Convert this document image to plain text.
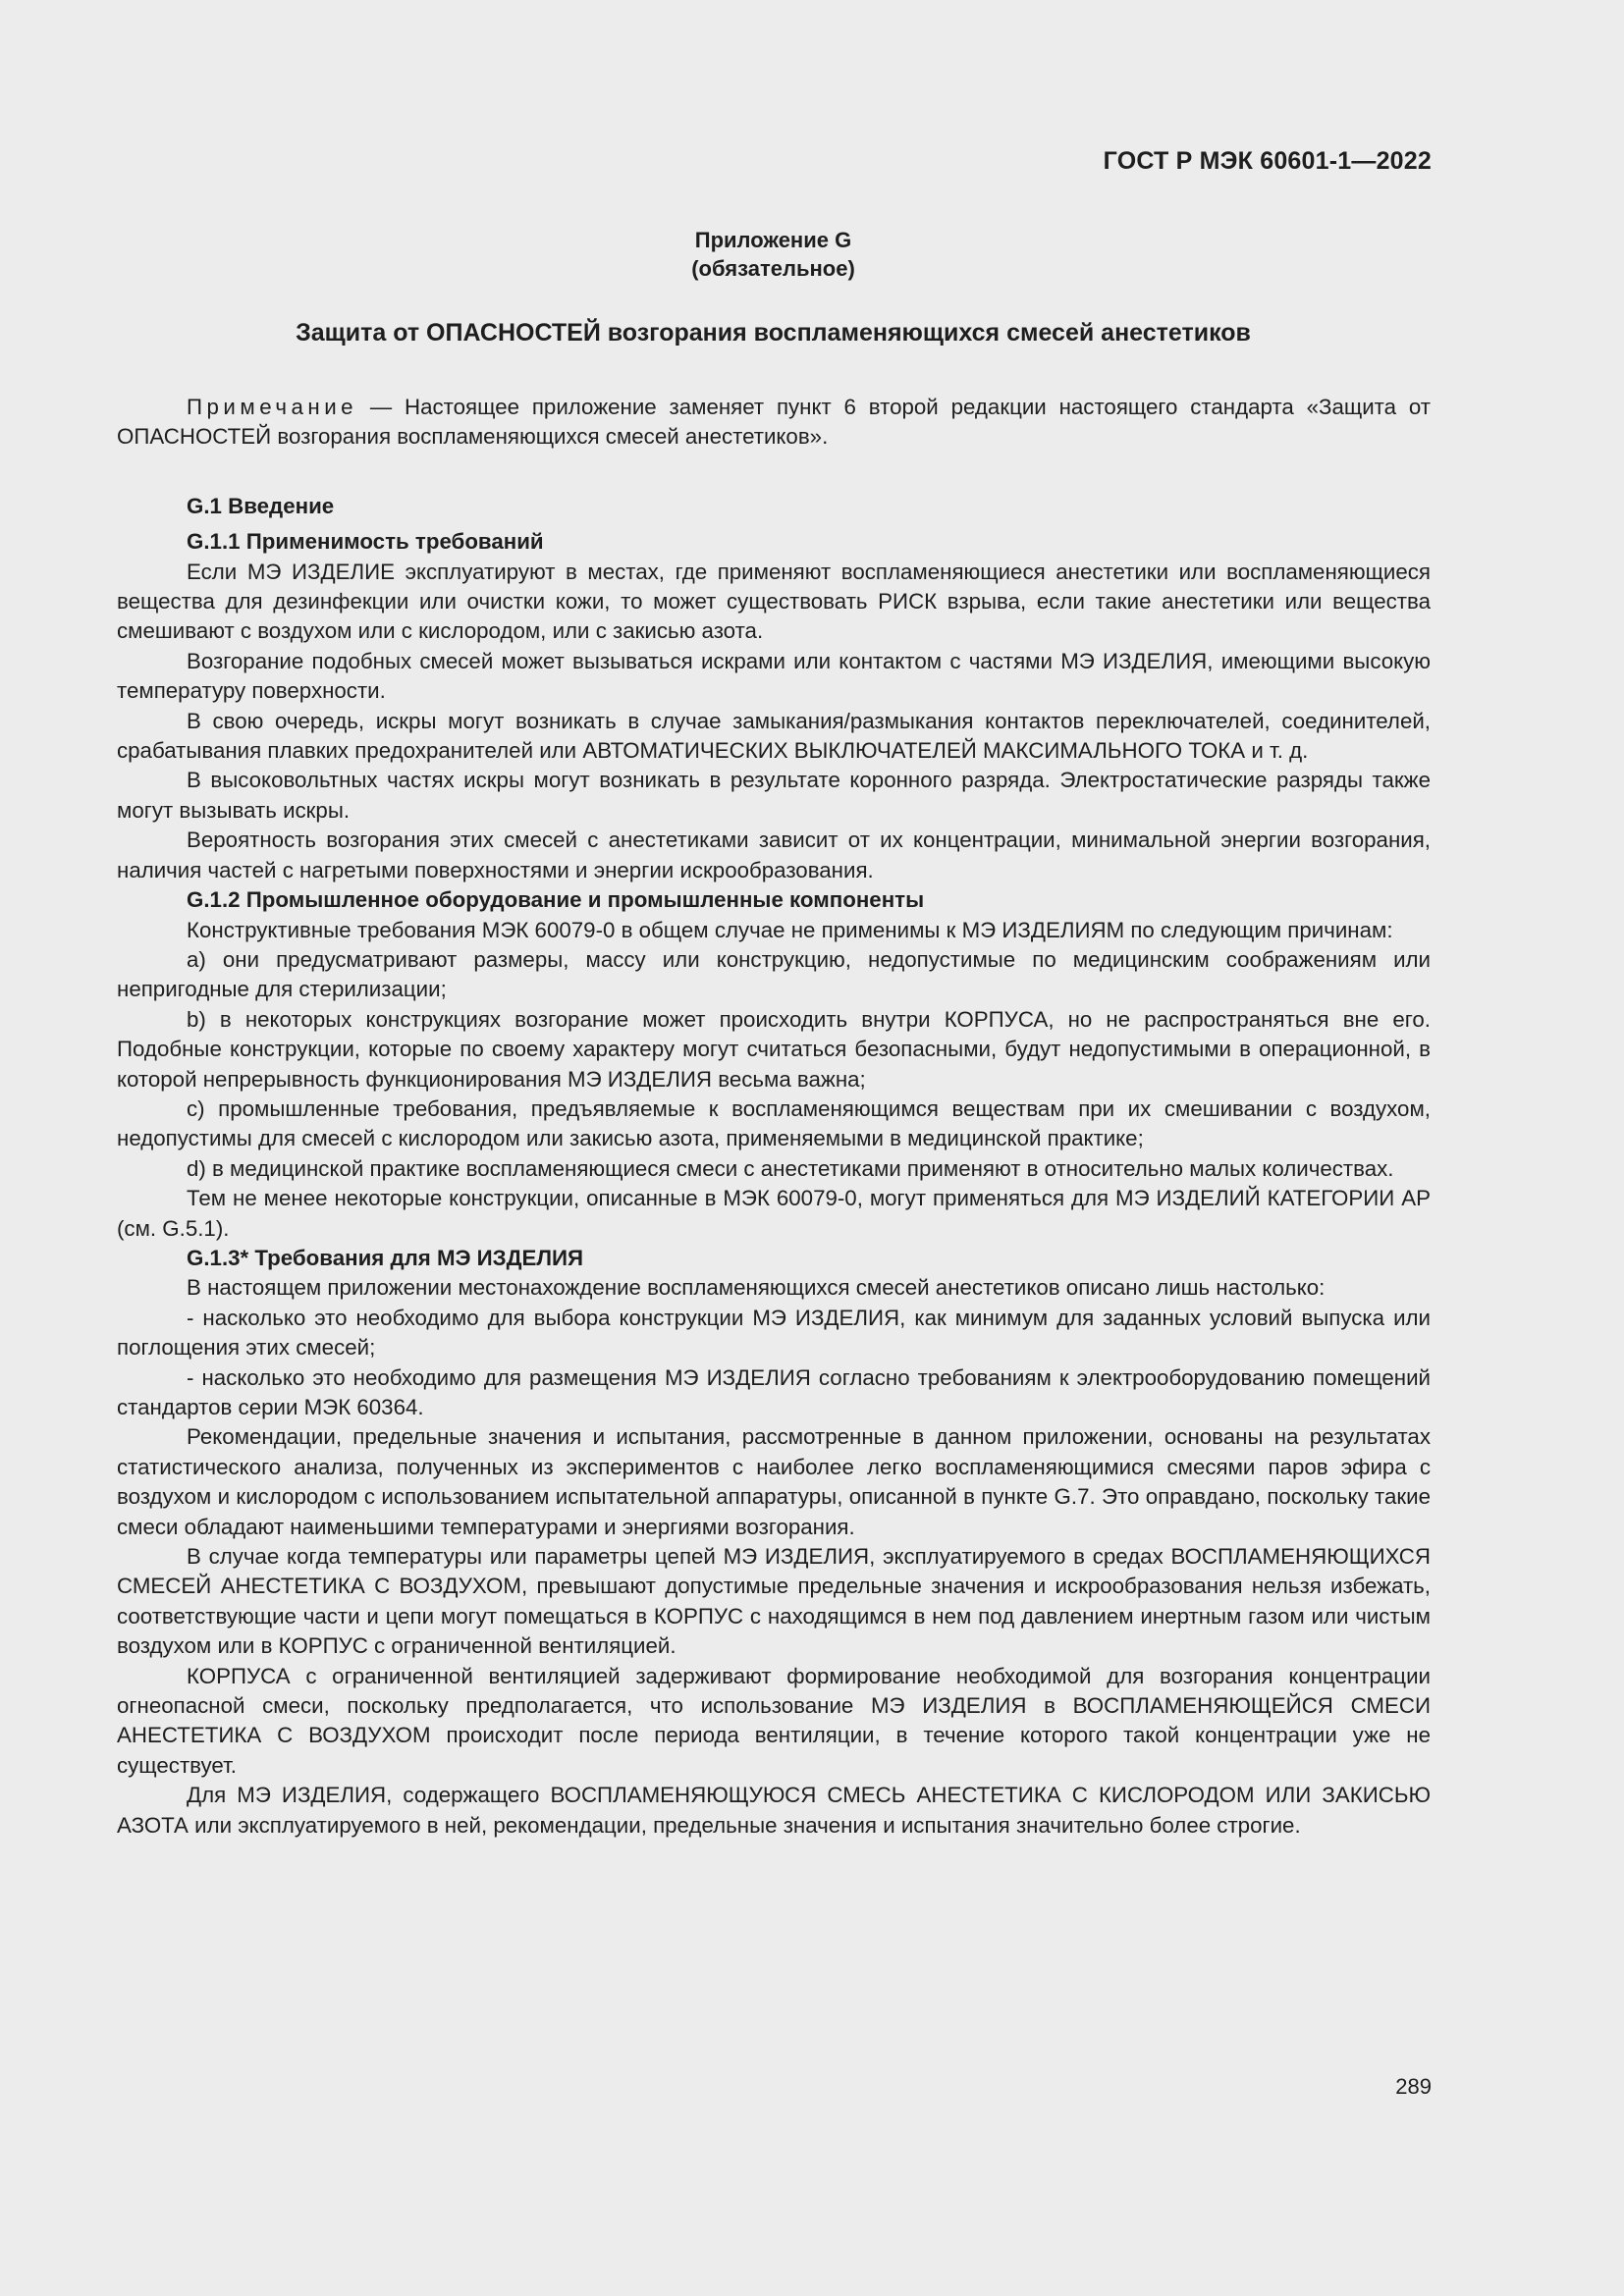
ГОСТ Р МЭК 60601-1—2022
Приложение G
(обязательное)
Защита от ОПАСНОСТЕЙ возгорания воспламеняющихся смесей анестетиков

Примечание — Настоящее приложение заменяет пункт 6 второй редакции настоящего стандарта «Защита от ОПАСНОСТЕЙ возгорания воспламеняющихся смесей анестетиков».

G.1 Введение

G.1.1 Применимость требований

Если МЭ ИЗДЕЛИЕ эксплуатируют в местах, где применяют воспламеняющиеся анестетики или воспламеняющиеся вещества для дезинфекции или очистки кожи, то может существовать РИСК взрыва, если такие анестетики или вещества смешивают с воздухом или с кислородом, или с закисью азота.

Возгорание подобных смесей может вызываться искрами или контактом с частями МЭ ИЗДЕЛИЯ, имеющими высокую температуру поверхности.

В свою очередь, искры могут возникать в случае замыкания/размыкания контактов переключателей, соединителей, срабатывания плавких предохранителей или АВТОМАТИЧЕСКИХ ВЫКЛЮЧАТЕЛЕЙ МАКСИМАЛЬНОГО ТОКА и т. д.

В высоковольтных частях искры могут возникать в результате коронного разряда. Электростатические разряды также могут вызывать искры.

Вероятность возгорания этих смесей с анестетиками зависит от их концентрации, минимальной энергии возгорания, наличия частей с нагретыми поверхностями и энергии искрообразования.

G.1.2 Промышленное оборудование и промышленные компоненты

Конструктивные требования МЭК 60079-0 в общем случае не применимы к МЭ ИЗДЕЛИЯМ по следующим причинам:

a) они предусматривают размеры, массу или конструкцию, недопустимые по медицинским соображениям или непригодные для стерилизации;

b) в некоторых конструкциях возгорание может происходить внутри КОРПУСА, но не распространяться вне его. Подобные конструкции, которые по своему характеру могут считаться безопасными, будут недопустимыми в операционной, в которой непрерывность функционирования МЭ ИЗДЕЛИЯ весьма важна;

c) промышленные требования, предъявляемые к воспламеняющимся веществам при их смешивании с воздухом, недопустимы для смесей с кислородом или закисью азота, применяемыми в медицинской практике;

d) в медицинской практике воспламеняющиеся смеси с анестетиками применяют в относительно малых количествах.

Тем не менее некоторые конструкции, описанные в МЭК 60079-0, могут применяться для МЭ ИЗДЕЛИЙ КАТЕГОРИИ АР (см. G.5.1).

G.1.3* Требования для МЭ ИЗДЕЛИЯ

В настоящем приложении местонахождение воспламеняющихся смесей анестетиков описано лишь настолько:

- насколько это необходимо для выбора конструкции МЭ ИЗДЕЛИЯ, как минимум для заданных условий выпуска или поглощения этих смесей;

- насколько это необходимо для размещения МЭ ИЗДЕЛИЯ согласно требованиям к электрооборудованию помещений стандартов серии МЭК 60364.

Рекомендации, предельные значения и испытания, рассмотренные в данном приложении, основаны на результатах статистического анализа, полученных из экспериментов с наиболее легко воспламеняющимися смесями паров эфира с воздухом и кислородом с использованием испытательной аппаратуры, описанной в пункте G.7. Это оправдано, поскольку такие смеси обладают наименьшими температурами и энергиями возгорания.

В случае когда температуры или параметры цепей МЭ ИЗДЕЛИЯ, эксплуатируемого в средах ВОСПЛАМЕНЯЮЩИХСЯ СМЕСЕЙ АНЕСТЕТИКА С ВОЗДУХОМ, превышают допустимые предельные значения и искрообразования нельзя избежать, соответствующие части и цепи могут помещаться в КОРПУС с находящимся в нем под давлением инертным газом или чистым воздухом или в КОРПУС с ограниченной вентиляцией.

КОРПУСА с ограниченной вентиляцией задерживают формирование необходимой для возгорания концентрации огнеопасной смеси, поскольку предполагается, что использование МЭ ИЗДЕЛИЯ в ВОСПЛАМЕНЯЮЩЕЙСЯ СМЕСИ АНЕСТЕТИКА С ВОЗДУХОМ происходит после периода вентиляции, в течение которого такой концентрации уже не существует.

Для МЭ ИЗДЕЛИЯ, содержащего ВОСПЛАМЕНЯЮЩУЮСЯ СМЕСЬ АНЕСТЕТИКА С КИСЛОРОДОМ ИЛИ ЗАКИСЬЮ АЗОТА или эксплуатируемого в ней, рекомендации, предельные значения и испытания значительно более строгие.

289
